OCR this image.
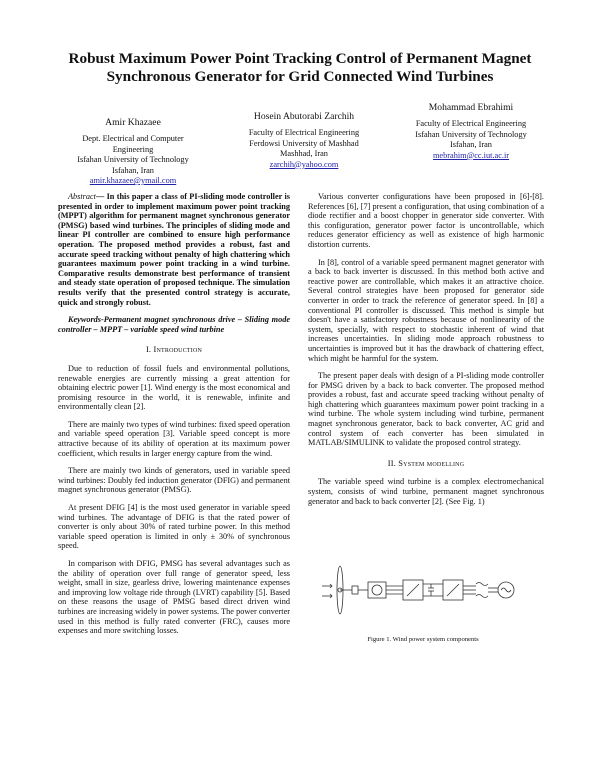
Robust Maximum Power Point Tracking Control of Permanent Magnet
Synchronous Generator for Grid Connected Wind Turbines
Amir Khazaee
Dept. Electrical and Computer
Engineering
Isfahan University of Technology
Isfahan, Iran
amir.khazaee@ymail.com
Hosein Abutorabi Zarchih
Faculty of Electrical Engineering
Ferdowsi University of Mashhad
Mashhad, Iran
zarchih@yahoo.com
Mohammad Ebrahimi
Faculty of Electrical Engineering
Isfahan University of Technology
Isfahan, Iran
mebrahim@cc.iut.ac.ir

Abstract— In this paper a class of PI-sliding mode controller is presented in order to implement maximum power point tracking (MPPT) algorithm for permanent magnet synchronous generator (PMSG) based wind turbines. The principles of sliding mode and linear PI controller are combined to ensure high performance operation. The proposed method provides a robust, fast and accurate speed tracking without penalty of high chattering which guarantees maximum power point tracking in a wind turbine. Comparative results demonstrate best performance of transient and steady state operation of proposed technique. The simulation results verify that the presented control strategy is accurate, quick and strongly robust.

Keywords-Permanent magnet synchronous drive – Sliding mode controller – MPPT – variable speed wind turbine

I. Introduction

Due to reduction of fossil fuels and environmental pollutions, renewable energies are currently missing a great attention for obtaining electric power [1]. Wind energy is the most economical and promising resource in the world, it is renewable, infinite and environmentally clean [2].

There are mainly two types of wind turbines: fixed speed operation and variable speed operation [3]. Variable speed concept is more attractive because of its ability of operation at its maximum power coefficient, which results in larger energy capture from the wind.

There are mainly two kinds of generators, used in variable speed wind turbines: Doubly fed induction generator (DFIG) and permanent magnet synchronous generator (PMSG).

At present DFIG [4] is the most used generator in variable speed wind turbines. The advantage of DFIG is that the rated power of converter is only about 30% of rated turbine power. In this method variable speed operation is limited in only ± 30% of synchronous speed.

In comparison with DFIG, PMSG has several advantages such as the ability of operation over full range of generator speed, less weight, small in size, gearless drive, lowering maintenance expenses and improving low voltage ride through (LVRT) capability [5]. Based on these reasons the usage of PMSG based direct driven wind turbines are increasing widely in power systems. The power converter used in this method is fully rated converter (FRC), causes more expenses and more switching losses.

Various converter configurations have been proposed in [6]-[8]. References [6], [7] present a configuration, that using combination of a diode rectifier and a boost chopper in generator side converter. With this configuration, generator power factor is uncontrollable, which reduces generator efficiency as well as existence of high harmonic distortion currents.

In [8], control of a variable speed permanent magnet generator with a back to back inverter is discussed. In this method both active and reactive power are controllable, which makes it an attractive choice. Several control strategies have been proposed for generator side converter in order to track the reference of generator speed. In [8] a conventional PI controller is discussed. This method is simple but doesn't have a satisfactory robustness because of nonlinearity of the system, specially, with respect to stochastic inherent of wind that increases uncertainties. In sliding mode approach robustness to uncertainties is improved but it has the drawback of chattering effect, which might be harmful for the system.

The present paper deals with design of a PI-sliding mode controller for PMSG driven by a back to back converter. The proposed method provides a robust, fast and accurate speed tracking without penalty of high chattering which guarantees maximum power point tracking in a wind turbine. The whole system including wind turbine, permanent magnet synchronous generator, back to back converter, AC grid and control system of each converter has been simulated in MATLAB/SIMULINK to validate the proposed control strategy.

II. System modelling

The variable speed wind turbine is a complex electromechanical system, consists of wind turbine, permanent magnet synchronous generator and back to back converter [2]. (See Fig. 1)

Figure 1. Wind power system components
